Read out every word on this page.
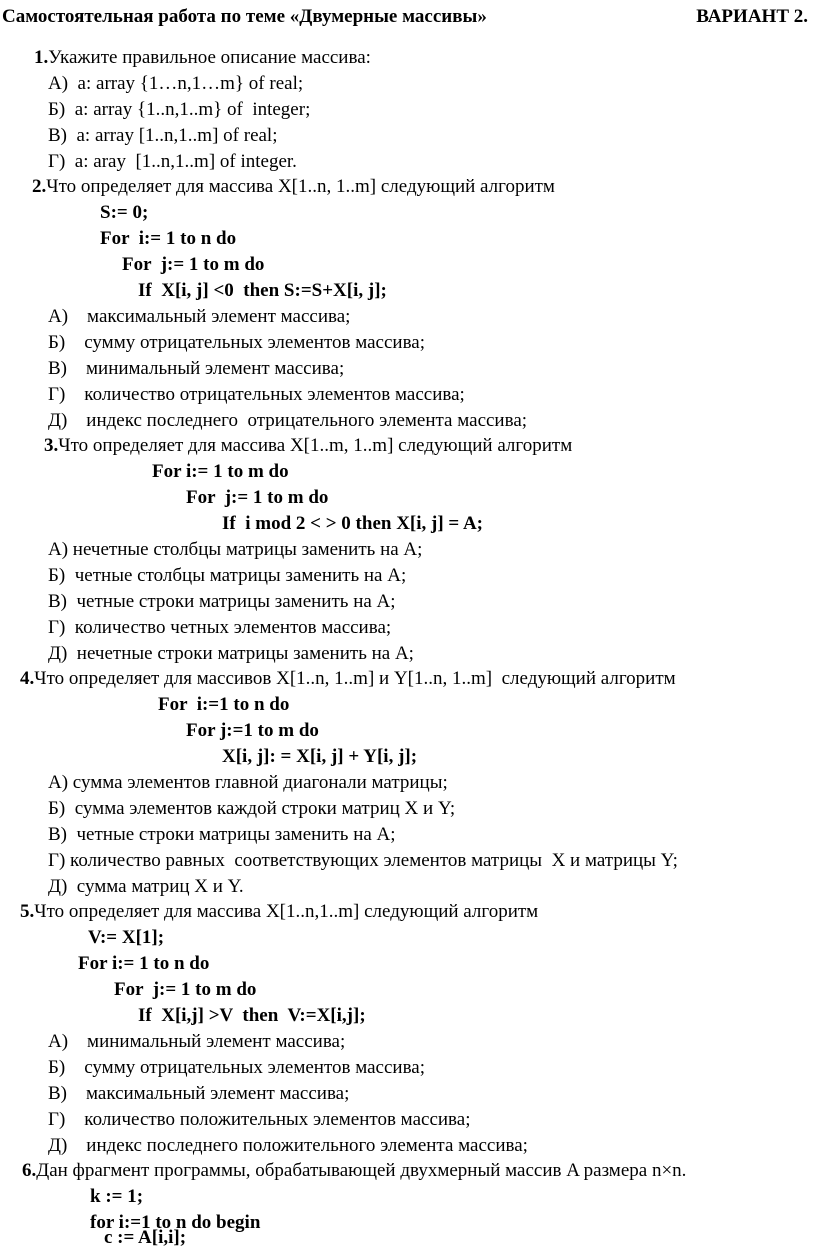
Самостоятельная работа по теме «Двумерные массивы»	ВАРИАНТ 2.
1.Укажите правильное описание массива:
А)  a: array {1…n,1…m} of real;
Б)  a: array {1..n,1..m} of  integer;
В)  a: array [1..n,1..m] of real;
Г)  a: aray  [1..n,1..m] of integer.
2.Что определяет для массива X[1..n, 1..m] следующий алгоритм
S:= 0;
For  i:= 1 to n do
For  j:= 1 to m do
If  X[i, j] <0  then S:=S+X[i, j];
А)    максимальный элемент массива;
Б)    сумму отрицательных элементов массива;
В)    минимальный элемент массива;
Г)    количество отрицательных элементов массива;
Д)    индекс последнего  отрицательного элемента массива;
3.Что определяет для массива X[1..m, 1..m] следующий алгоритм
For i:= 1 to m do
For  j:= 1 to m do
If  i mod 2 < > 0 then X[i, j] = A;
А) нечетные столбцы матрицы заменить на А;
Б)  четные столбцы матрицы заменить на А;
В)  четные строки матрицы заменить на А;
Г)  количество четных элементов массива;
Д)  нечетные строки матрицы заменить на А;
4.Что определяет для массивов X[1..n, 1..m] и Y[1..n, 1..m]  следующий алгоритм
For  i:=1 to n do
For j:=1 to m do
X[i, j]: = X[i, j] + Y[i, j];
А) сумма элементов главной диагонали матрицы;
Б)  сумма элементов каждой строки матриц X и Y;
В)  четные строки матрицы заменить на А;
Г) количество равных  соответствующих элементов матрицы  X и матрицы Y;
Д)  сумма матриц X и Y.
5.Что определяет для массива X[1..n,1..m] следующий алгоритм
V:= X[1];
For i:= 1 to n do
For  j:= 1 to m do
If  X[i,j] >V  then  V:=X[i,j];
А)    минимальный элемент массива;
Б)    сумму отрицательных элементов массива;
В)    максимальный элемент массива;
Г)    количество положительных элементов массива;
Д)    индекс последнего положительного элемента массива;
6.Дан фрагмент программы, обрабатывающей двухмерный массив A размера n×n.
k := 1;
for i:=1 to n do begin
c := A[i,i];
